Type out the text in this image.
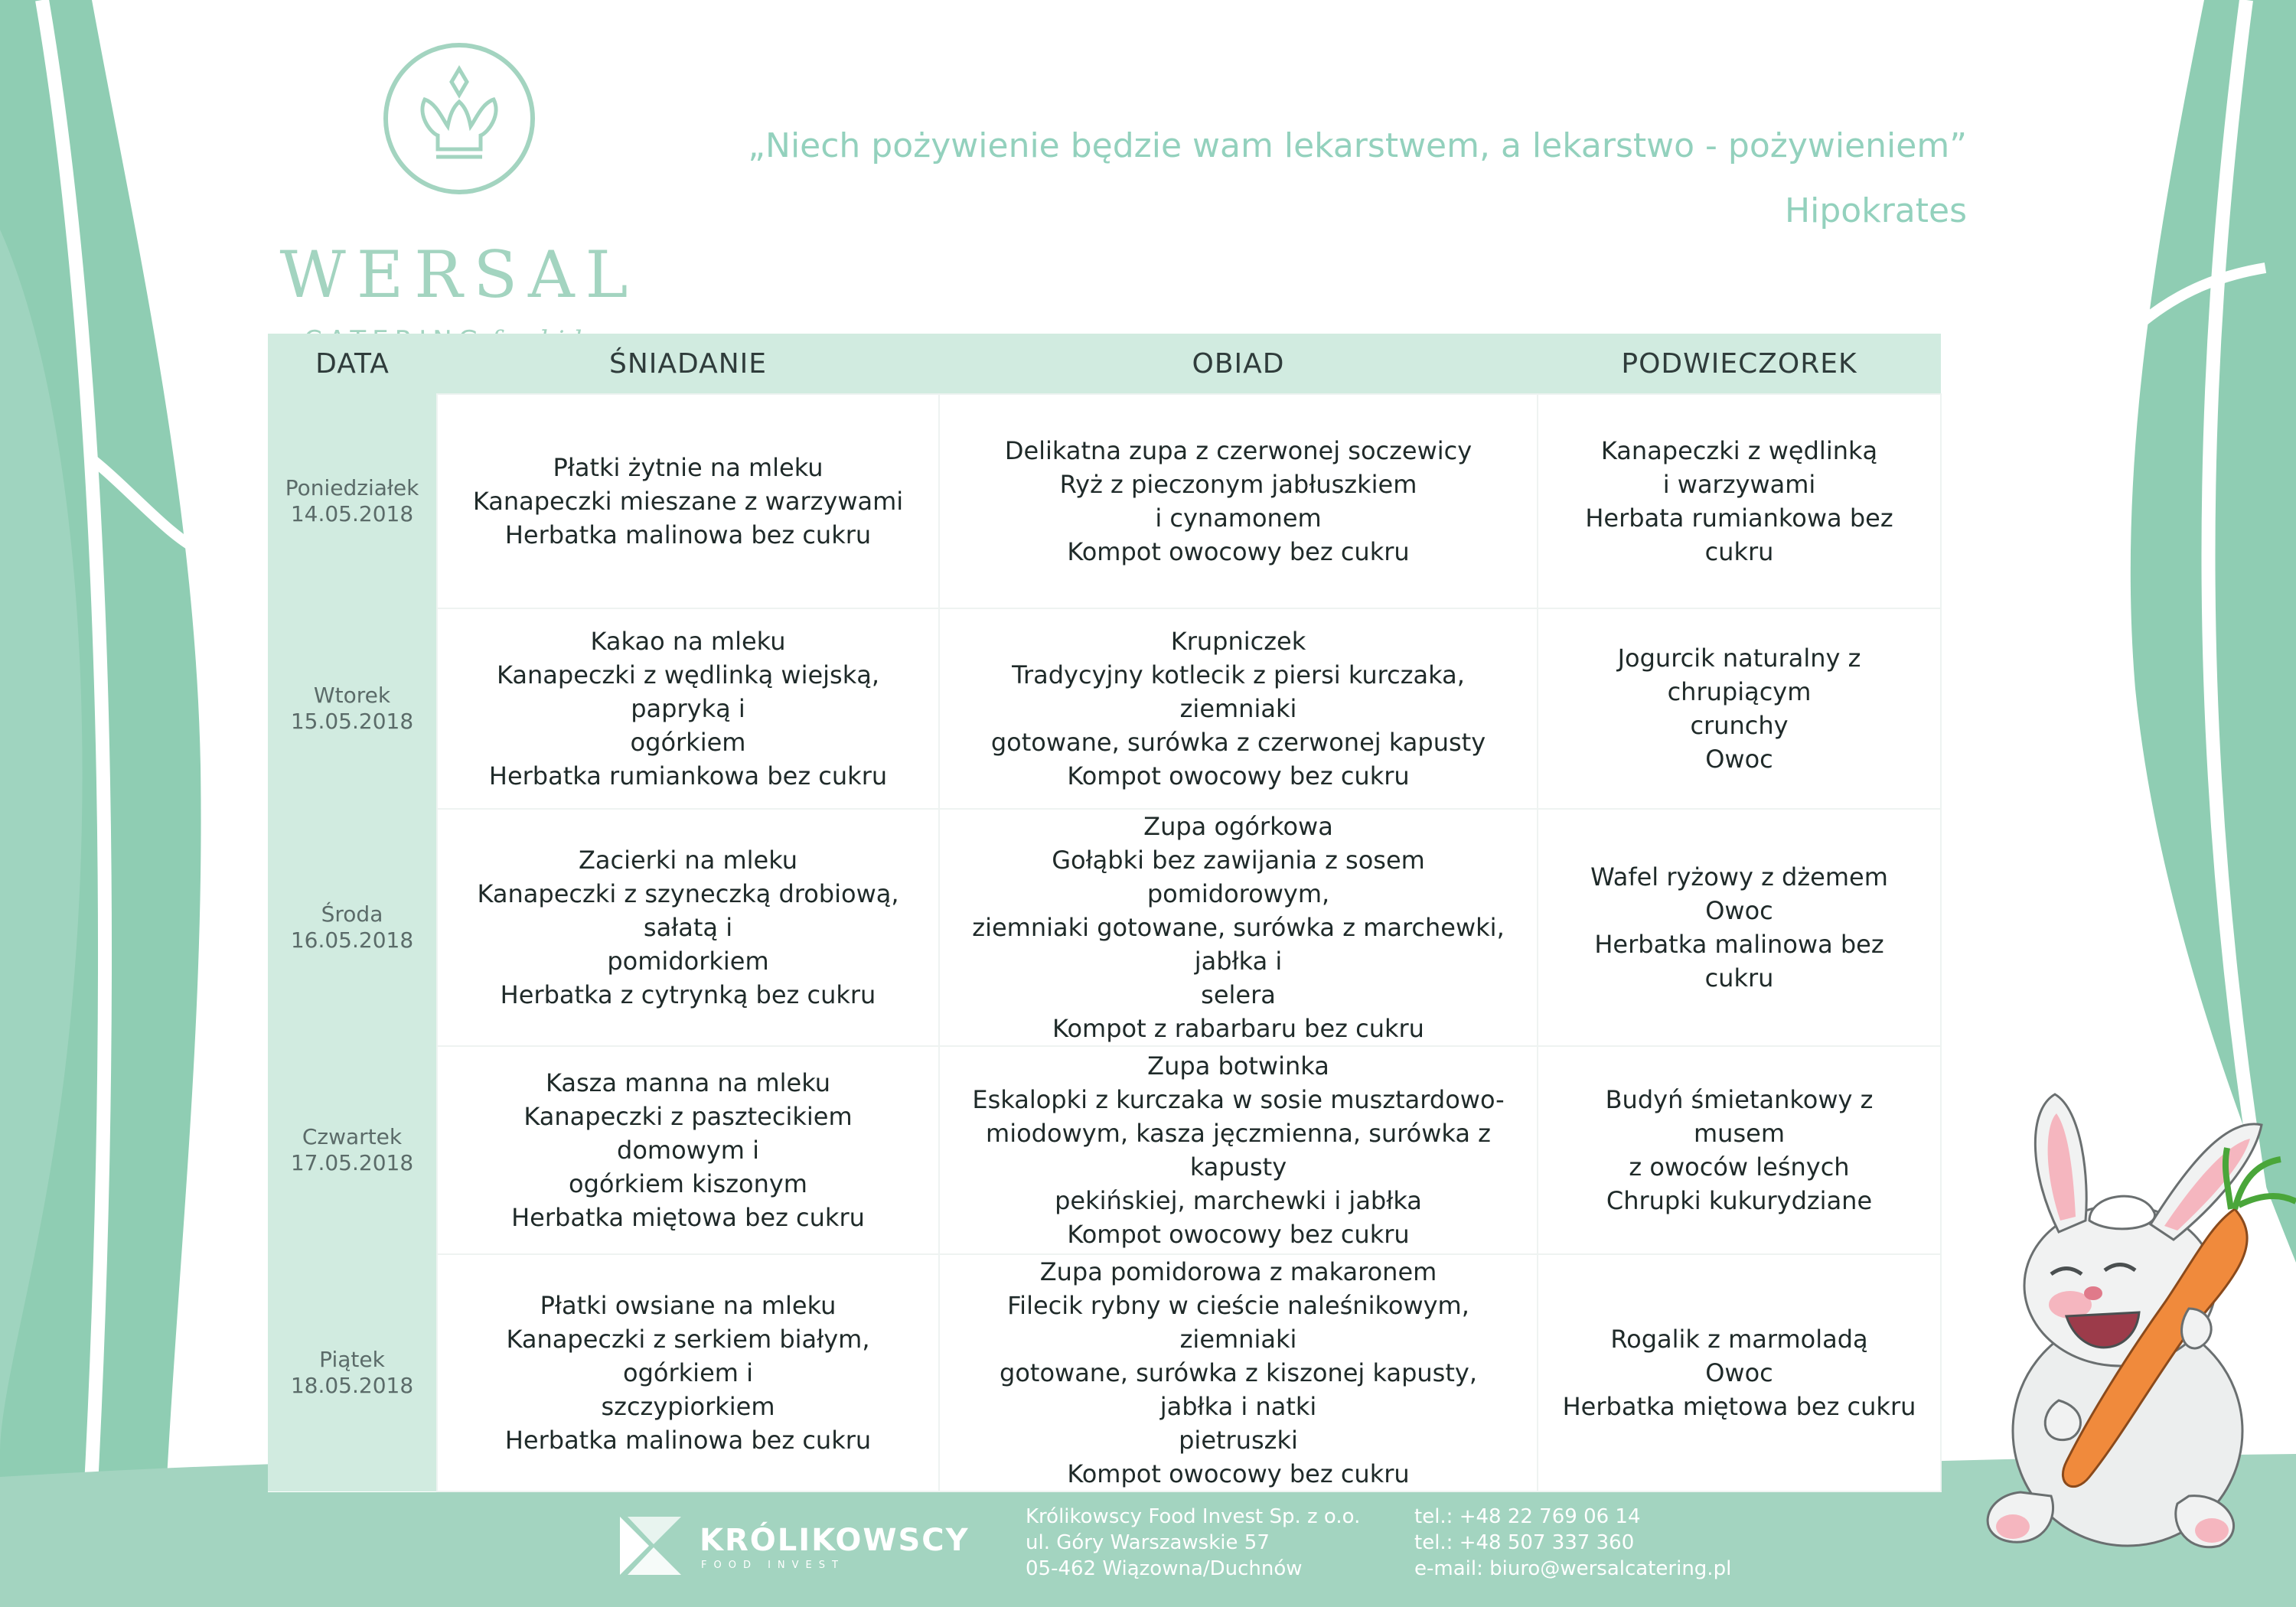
WERSAL
„Niech pożywienie będzie wam lekarstwem, a lekarstwo - pożywieniem”
Hipokrates
DATA	ŚNIADANIE	OBIAD	PODWIECZOREK

Poniedziałek
14.05.2018	Płatki żytnie na mleku
Kanapeczki mieszane z warzywami
Herbatka malinowa bez cukru	Delikatna zupa z czerwonej soczewicy
Ryż z pieczonym jabłuszkiem
i cynamonem
Kompot owocowy bez cukru	Kanapeczki z wędlinką
i warzywami
Herbata rumiankowa bez cukru

Wtorek
15.05.2018	Kakao na mleku
Kanapeczki z wędlinką wiejską, papryką i
ogórkiem
Herbatka rumiankowa bez cukru	Krupniczek
Tradycyjny kotlecik z piersi kurczaka, ziemniaki
gotowane, surówka z czerwonej kapusty
Kompot owocowy bez cukru	Jogurcik naturalny z chrupiącym
crunchy
Owoc

Środa
16.05.2018	Zacierki na mleku
Kanapeczki z szyneczką drobiową, sałatą i
pomidorkiem
Herbatka z cytrynką bez cukru	Zupa ogórkowa
Gołąbki bez zawijania z sosem pomidorowym,
ziemniaki gotowane, surówka z marchewki, jabłka i
selera
Kompot z rabarbaru bez cukru	Wafel ryżowy z dżemem
Owoc
Herbatka malinowa bez cukru

Czwartek
17.05.2018	Kasza manna na mleku
Kanapeczki z pasztecikiem domowym i
ogórkiem kiszonym
Herbatka miętowa bez cukru	Zupa botwinka
Eskalopki z kurczaka w sosie musztardowo-
miodowym, kasza jęczmienna, surówka z kapusty
pekińskiej, marchewki i jabłka
Kompot owocowy bez cukru	Budyń śmietankowy z musem
z owoców leśnych
Chrupki kukurydziane

Piątek
18.05.2018	Płatki owsiane na mleku
Kanapeczki z serkiem białym, ogórkiem i
szczypiorkiem
Herbatka malinowa bez cukru	Zupa pomidorowa z makaronem
Filecik rybny w cieście naleśnikowym, ziemniaki
gotowane, surówka z kiszonej kapusty, jabłka i natki
pietruszki
Kompot owocowy bez cukru	Rogalik z marmoladą
Owoc
Herbatka miętowa bez cukru
KRÓLIKOWSCY
FOOD INVEST
Królikowscy Food Invest Sp. z o.o.
ul. Góry Warszawskie 57
05-462 Wiązowna/Duchnów
tel.: +48 22 769 06 14
tel.: +48 507 337 360
e-mail: biuro@wersalcatering.pl
